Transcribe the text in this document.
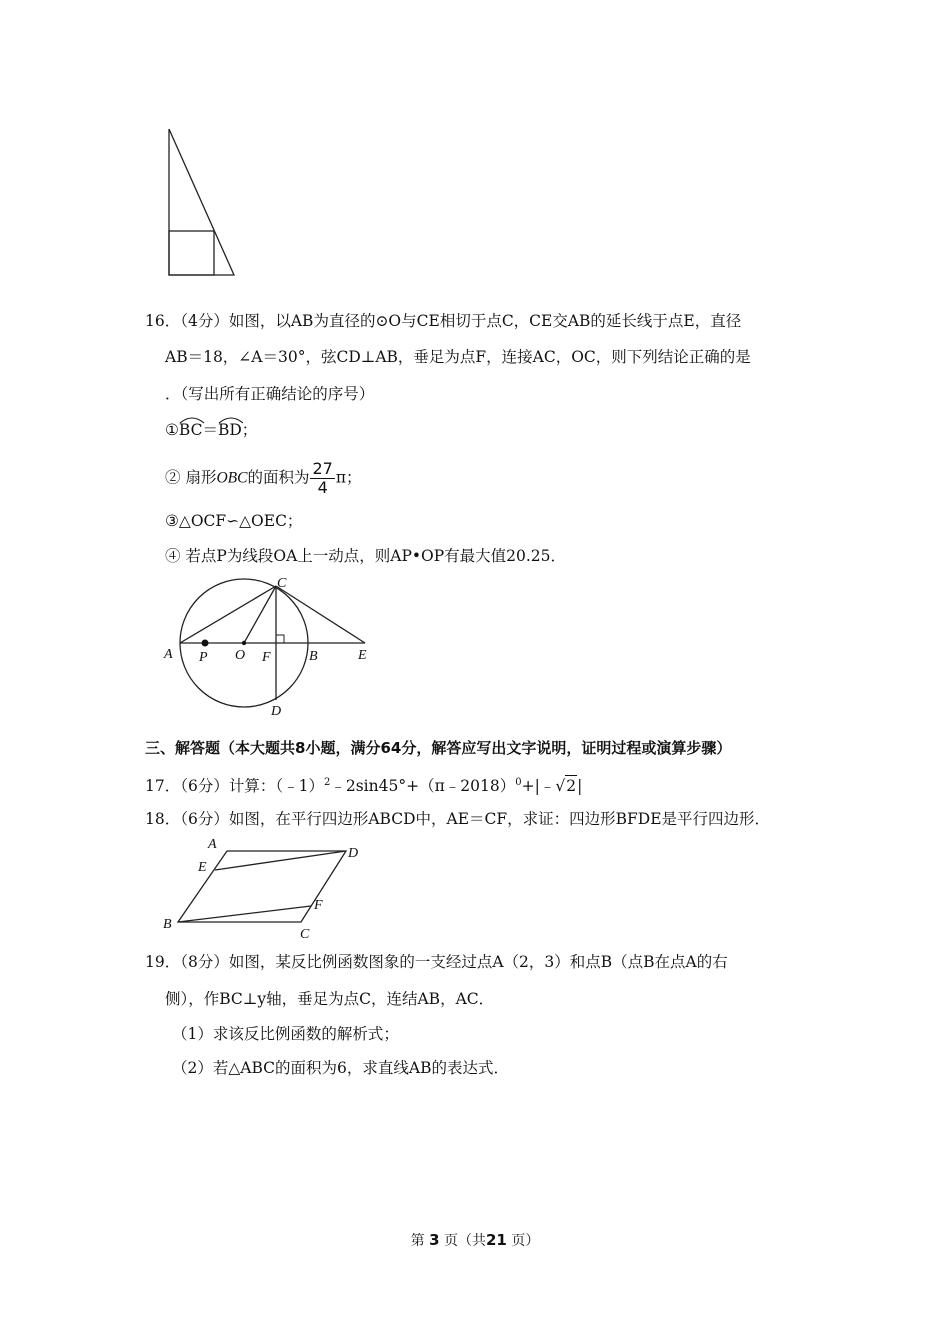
16．（4分）如图，以AB为直径的⊙O与CE相切于点C，CE交AB的延长线于点E，直径
AB＝18，∠A＝30°，弦CD⊥AB，垂足为点F，连接AC，OC，则下列结论正确的是
．（写出所有正确结论的序号）
①
BC＝
BD；
② 扇形OBC的面积为 $\frac{27}{4}$ π；
③△OCF∽△OEC；
④ 若点P为线段OA上一动点，则AP•OP有最大值20.25．
A P O F	B	E
C
D
三、解答题（本大题共8小题，满分64分，解答应写出文字说明，证明过程或演算步骤）
17．（6分）计算：（﹣1）$^2$﹣2sin45°+（π﹣2018）$^0$+|﹣√2|
18．（6分）如图，在平行四边形ABCD中，AE＝CF，求证：四边形BFDE是平行四边形．
A
D
E
F
B
C
19．（8分）如图，某反比例函数图象的一支经过点A（2，3）和点B（点B在点A的右
侧），作BC⊥y轴，垂足为点C，连结AB，AC．
（1）求该反比例函数的解析式；
（2）若△ABC的面积为6，求直线AB的表达式．
第 3 页（共21 页）
